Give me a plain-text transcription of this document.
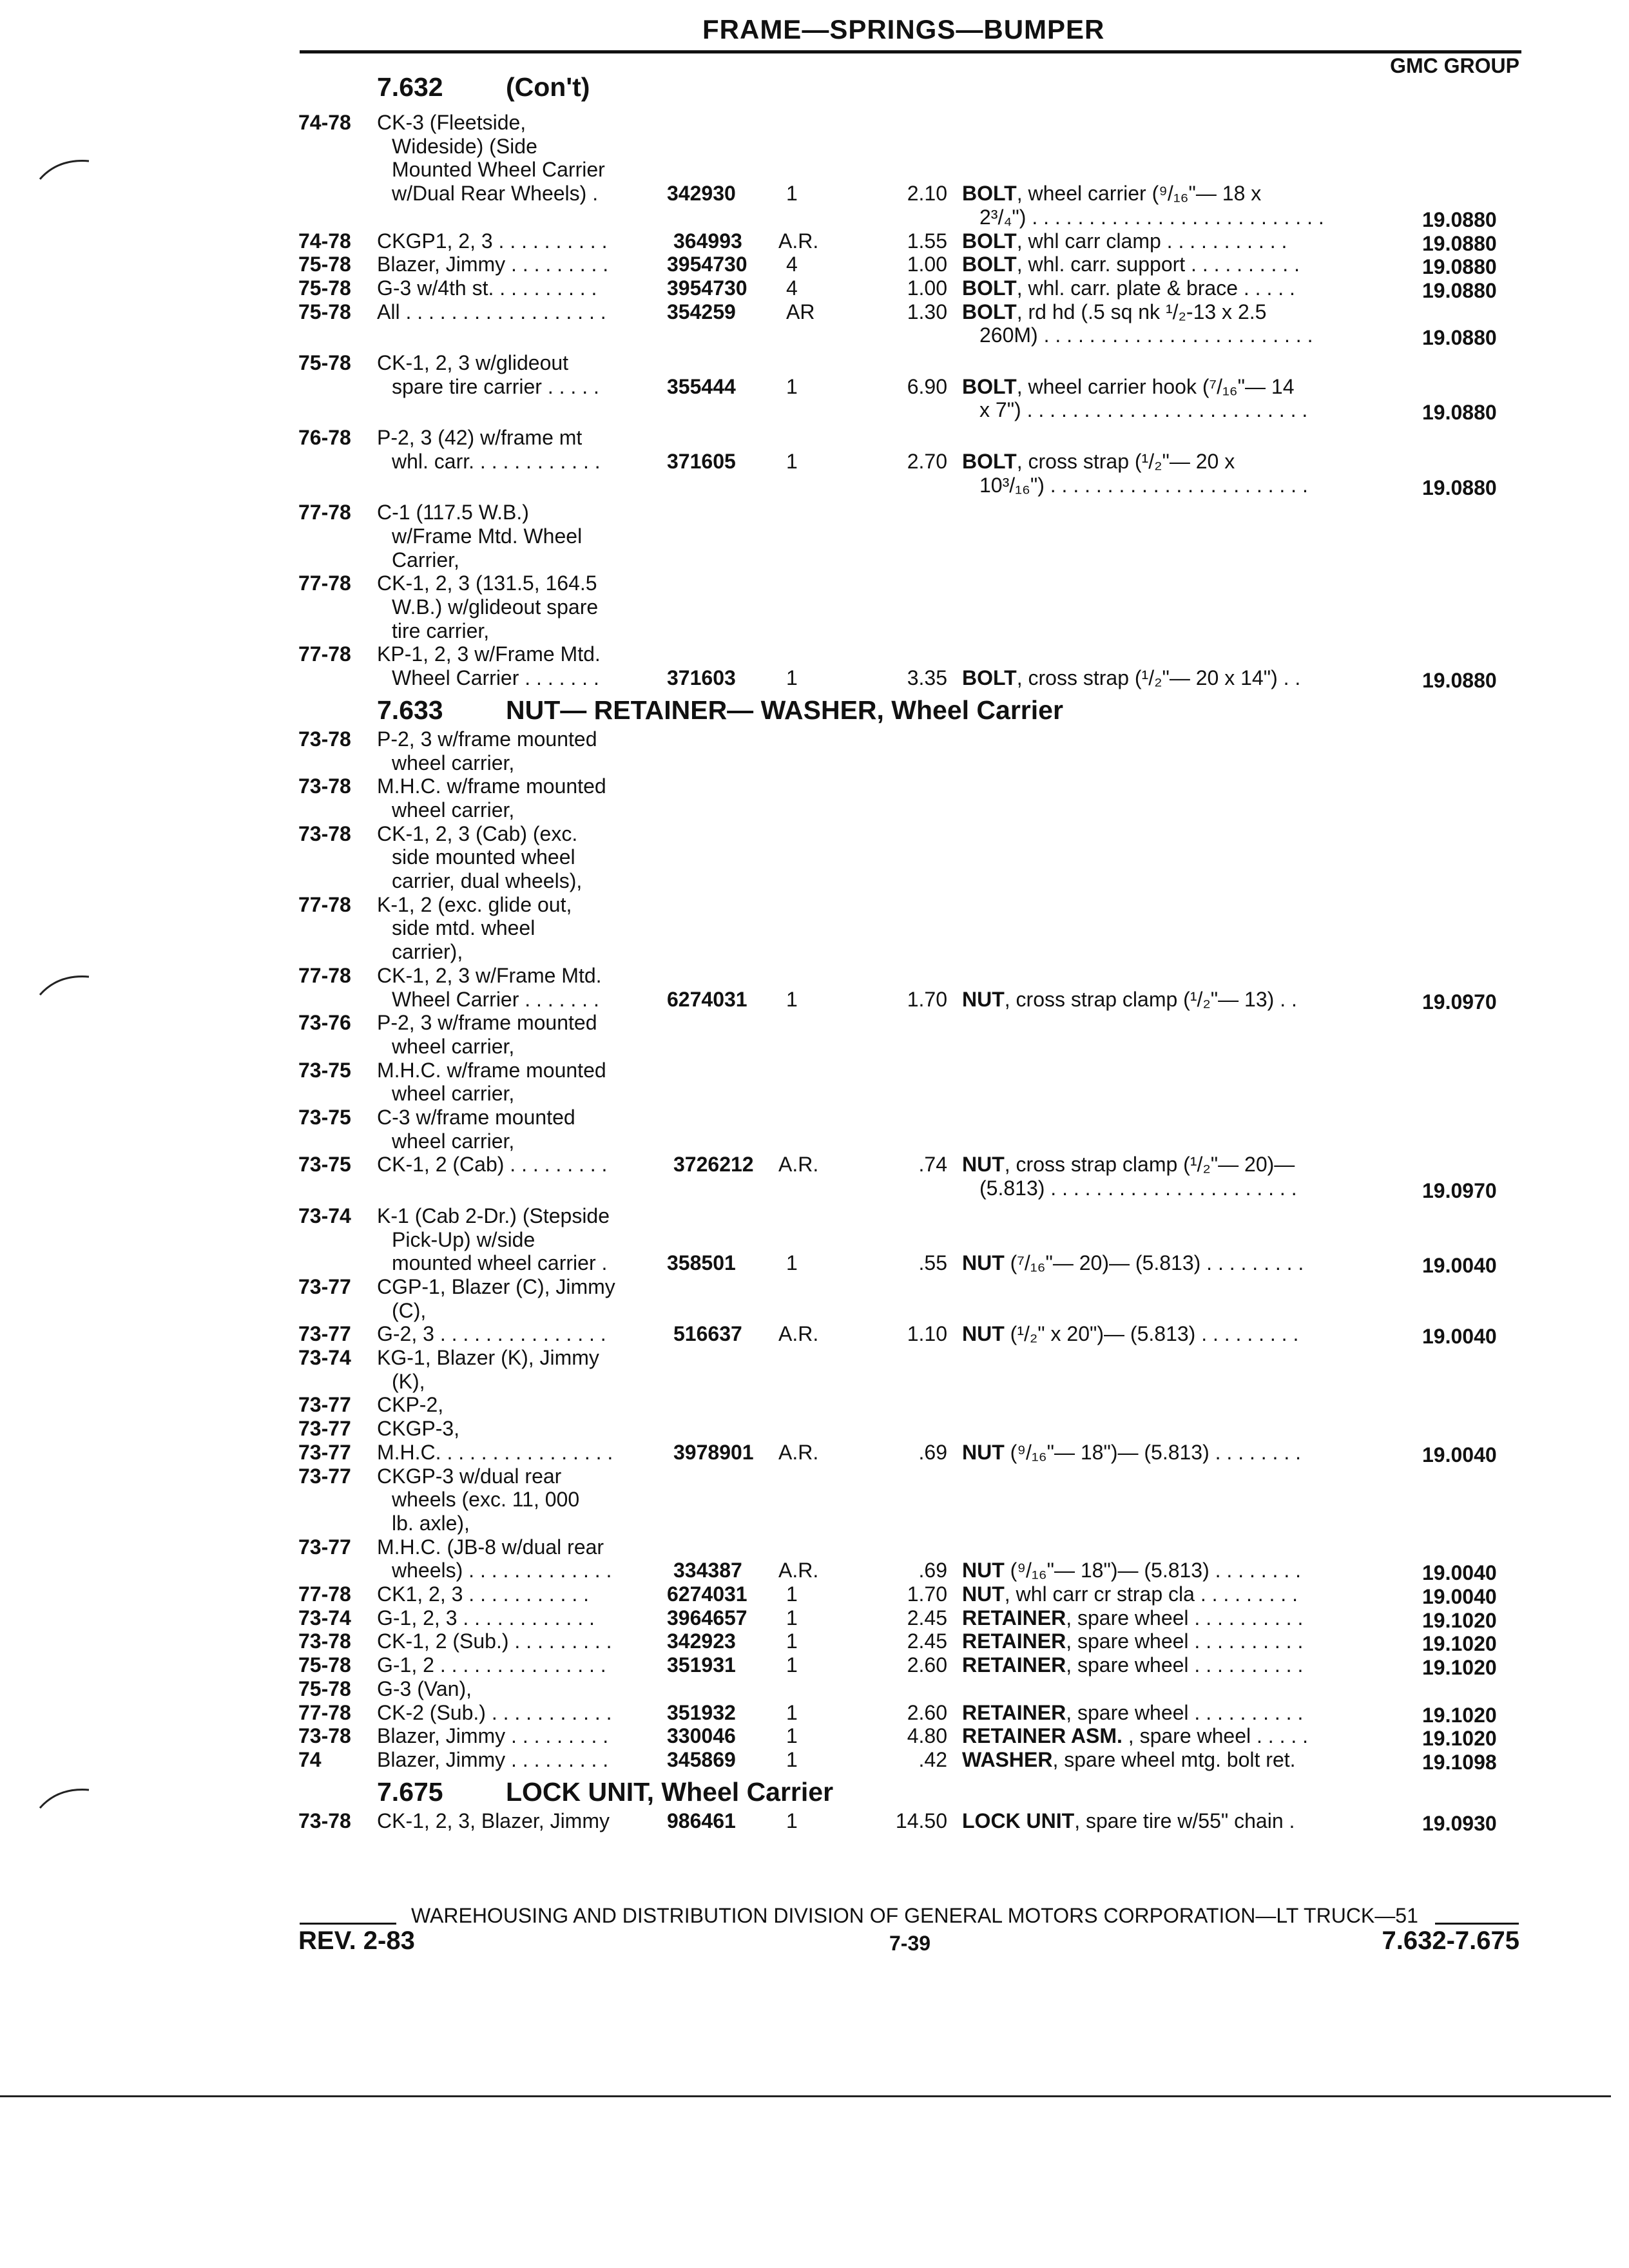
FRAME—SPRINGS—BUMPER
GMC GROUP
7.632 (Con't)
74-78 CK-3 (Fleetside,
Wideside) (Side
Mounted Wheel Carrier
w/Dual Rear Wheels) .	342930 1	2.10 BOLT, wheel carrier (⁹/₁₆"— 18 x
2³/₄") . . . . . . . . . . . . . . . . . . . . . . . . . .	19.0880
74-78 CKGP1, 2, 3 . . . . . . . . . .	364993 A.R.	1.55 BOLT, whl carr clamp . . . . . . . . . . .	19.0880
75-78 Blazer, Jimmy . . . . . . . . .	3954730 4	1.00 BOLT, whl. carr. support . . . . . . . . . .	19.0880
75-78 G-3 w/4th st. . . . . . . . . .	3954730 4	1.00 BOLT, whl. carr. plate & brace . . . . .	19.0880
75-78 All . . . . . . . . . . . . . . . . . .	354259 AR	1.30 BOLT, rd hd (.5 sq nk ¹/₂-13 x 2.5
260M) . . . . . . . . . . . . . . . . . . . . . . . .	19.0880
75-78 CK-1, 2, 3 w/glideout
spare tire carrier . . . . .	355444 1	6.90 BOLT, wheel carrier hook (⁷/₁₆"— 14
x 7") . . . . . . . . . . . . . . . . . . . . . . . . .	19.0880
76-78 P-2, 3 (42) w/frame mt
whl. carr. . . . . . . . . . . .	371605 1	2.70 BOLT, cross strap (¹/₂"— 20 x
10³/₁₆") . . . . . . . . . . . . . . . . . . . . . . .	19.0880
77-78 C-1 (117.5 W.B.)
w/Frame Mtd. Wheel
Carrier,
77-78 CK-1, 2, 3 (131.5, 164.5
W.B.) w/glideout spare
tire carrier,
77-78 KP-1, 2, 3 w/Frame Mtd.
Wheel Carrier . . . . . . .	371603 1	3.35 BOLT, cross strap (¹/₂"— 20 x 14") . .	19.0880
7.633 NUT— RETAINER— WASHER, Wheel Carrier
73-78 P-2, 3 w/frame mounted
wheel carrier,
73-78 M.H.C. w/frame mounted
wheel carrier,
73-78 CK-1, 2, 3 (Cab) (exc.
side mounted wheel
carrier, dual wheels),
77-78 K-1, 2 (exc. glide out,
side mtd. wheel
carrier),
77-78 CK-1, 2, 3 w/Frame Mtd.
Wheel Carrier . . . . . . .	6274031 1	1.70 NUT, cross strap clamp (¹/₂"— 13) . .	19.0970
73-76 P-2, 3 w/frame mounted
wheel carrier,
73-75 M.H.C. w/frame mounted
wheel carrier,
73-75 C-3 w/frame mounted
wheel carrier,
73-75 CK-1, 2 (Cab) . . . . . . . . .	3726212 A.R.	.74 NUT, cross strap clamp (¹/₂"— 20)—
(5.813) . . . . . . . . . . . . . . . . . . . . . .	19.0970
73-74 K-1 (Cab 2-Dr.) (Stepside
Pick-Up) w/side
mounted wheel carrier .	358501 1	.55 NUT (⁷/₁₆"— 20)— (5.813) . . . . . . . . .	19.0040
73-77 CGP-1, Blazer (C), Jimmy
(C),
73-77 G-2, 3 . . . . . . . . . . . . . . .	516637 A.R.	1.10 NUT (¹/₂" x 20")— (5.813) . . . . . . . . .	19.0040
73-74 KG-1, Blazer (K), Jimmy
(K),
73-77 CKP-2,
73-77 CKGP-3,
73-77 M.H.C. . . . . . . . . . . . . . . .	3978901 A.R.	.69 NUT (⁹/₁₆"— 18")— (5.813) . . . . . . . .	19.0040
73-77 CKGP-3 w/dual rear
wheels (exc. 11, 000
lb. axle),
73-77 M.H.C. (JB-8 w/dual rear
wheels) . . . . . . . . . . . . .	334387 A.R.	.69 NUT (⁹/₁₆"— 18")— (5.813) . . . . . . . .	19.0040
77-78 CK1, 2, 3 . . . . . . . . . . .	6274031 1	1.70 NUT, whl carr cr strap cla . . . . . . . . .	19.0040
73-74 G-1, 2, 3 . . . . . . . . . . . .	3964657 1	2.45 RETAINER, spare wheel . . . . . . . . . .	19.1020
73-78 CK-1, 2 (Sub.) . . . . . . . . .	342923 1	2.45 RETAINER, spare wheel . . . . . . . . . .	19.1020
75-78 G-1, 2 . . . . . . . . . . . . . . .	351931 1	2.60 RETAINER, spare wheel . . . . . . . . . .	19.1020
75-78 G-3 (Van),
77-78 CK-2 (Sub.) . . . . . . . . . . .	351932 1	2.60 RETAINER, spare wheel . . . . . . . . . .	19.1020
73-78 Blazer, Jimmy . . . . . . . . .	330046 1	4.80 RETAINER ASM. , spare wheel . . . . .	19.1020
74	Blazer, Jimmy . . . . . . . . .	345869 1	.42 WASHER, spare wheel mtg. bolt ret.	19.1098
7.675 LOCK UNIT, Wheel Carrier
73-78 CK-1, 2, 3, Blazer, Jimmy	986461 1	14.50 LOCK UNIT, spare tire w/55" chain .	19.0930
WAREHOUSING AND DISTRIBUTION DIVISION OF GENERAL MOTORS CORPORATION—LT TRUCK—51
REV. 2-83	7-39	7.632-7.675
